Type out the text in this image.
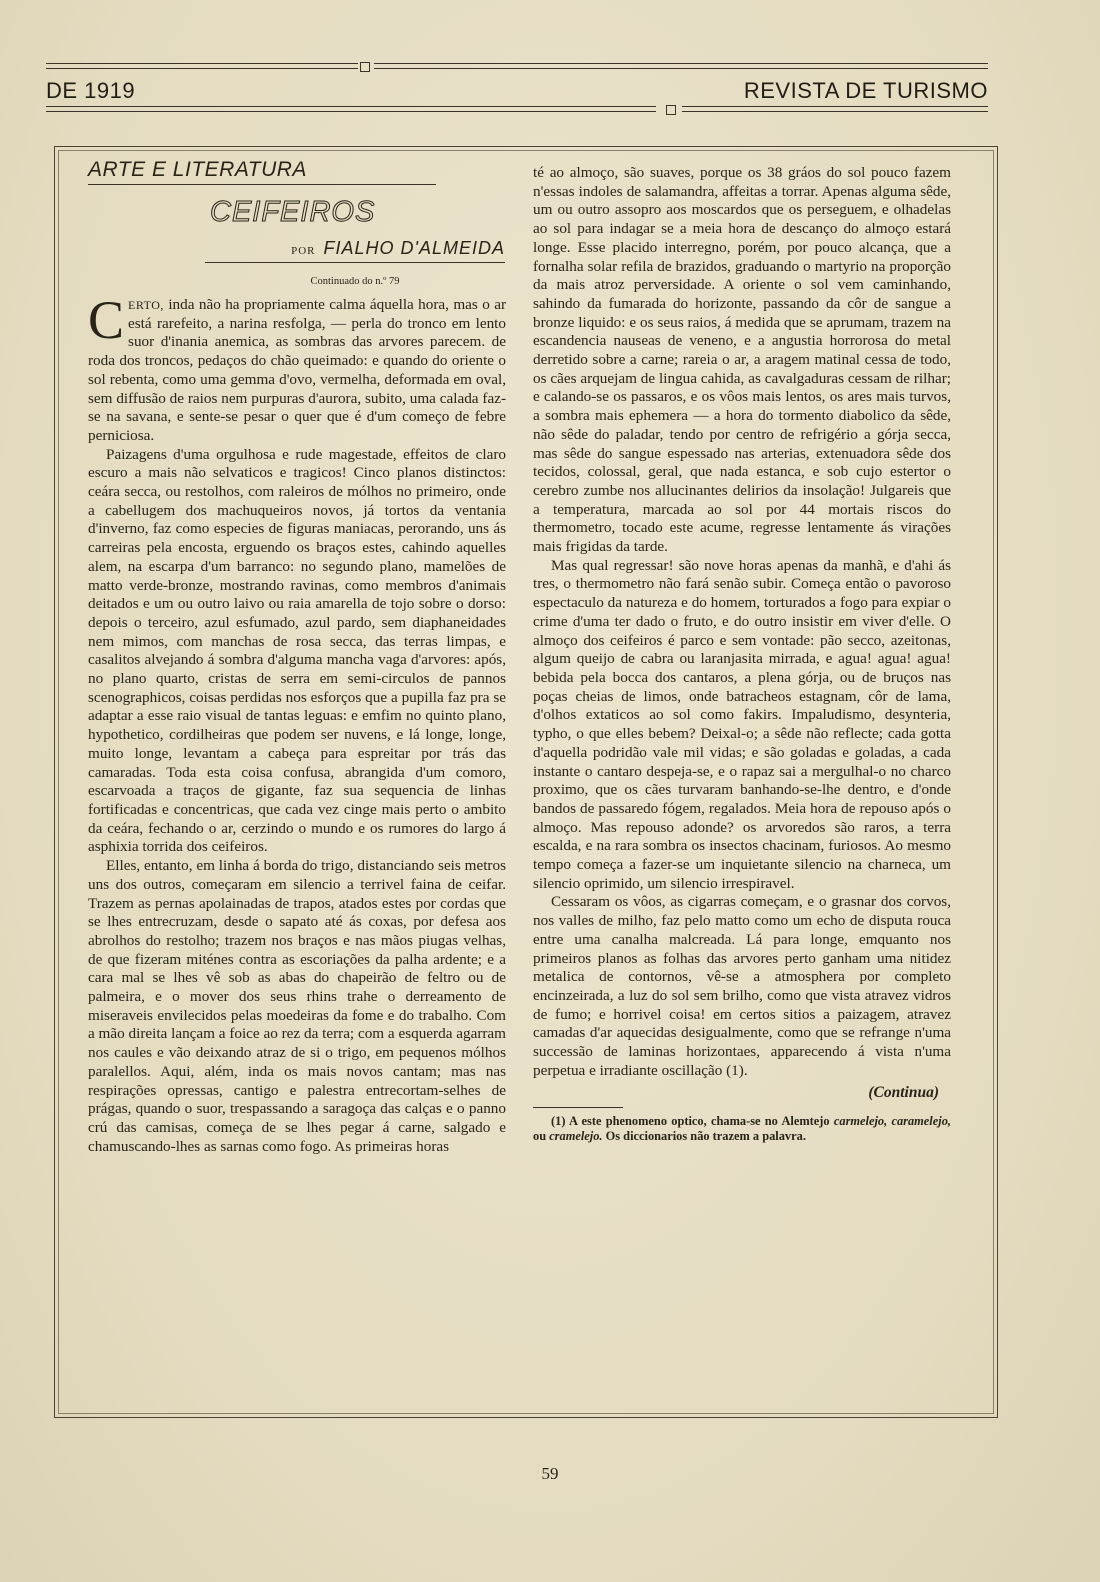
DE 1919	REVISTA DE TURISMO
ARTE E LITERATURA
CEIFEIROS
POR FIALHO D'ALMEIDA
Continuado do n.º 79

CERTO, inda não ha propriamente calma áquella hora, mas o ar está rarefeito, a narina resfolga, — perla do tronco em lento suor d'inania anemica, as sombras das arvores parecem. de roda dos troncos, pedaços do chão queimado: e quando do oriente o sol rebenta, como uma gemma d'ovo, vermelha, deformada em oval, sem diffusão de raios nem purpuras d'aurora, subito, uma calada faz-se na savana, e sente-se pesar o quer que é d'um começo de febre perniciosa.

Paizagens d'uma orgulhosa e rude magestade, effeitos de claro escuro a mais não selvaticos e tragicos! Cinco planos distinctos: ceára secca, ou restolhos, com raleiros de mólhos no primeiro, onde a cabellugem dos machuqueiros novos, já tortos da ventania d'inverno, faz como especies de figuras maniacas, perorando, uns ás carreiras pela encosta, erguendo os braços estes, cahindo aquelles alem, na escarpa d'um barranco: no segundo plano, mamelões de matto verde-bronze, mostrando ravinas, como membros d'animais deitados e um ou outro laivo ou raia amarella de tojo sobre o dorso: depois o terceiro, azul esfumado, azul pardo, sem diaphaneidades nem mimos, com manchas de rosa secca, das terras limpas, e casalitos alvejando á sombra d'alguma mancha vaga d'arvores: após, no plano quarto, cristas de serra em semi-circulos de pannos scenographicos, coisas perdidas nos esforços que a pupilla faz pra se adaptar a esse raio visual de tantas leguas: e emfim no quinto plano, hypothetico, cordilheiras que podem ser nuvens, e lá longe, longe, muito longe, levantam a cabeça para espreitar por trás das camaradas. Toda esta coisa confusa, abrangida d'um comoro, escarvoada a traços de gigante, faz sua sequencia de linhas fortificadas e concentricas, que cada vez cinge mais perto o ambito da ceára, fechando o ar, cerzindo o mundo e os rumores do largo á asphixia torrida dos ceifeiros.

Elles, entanto, em linha á borda do trigo, distanciando seis metros uns dos outros, começaram em silencio a terrivel faina de ceifar. Trazem as pernas apolainadas de trapos, atados estes por cordas que se lhes entrecruzam, desde o sapato até ás coxas, por defesa aos abrolhos do restolho; trazem nos braços e nas mãos piugas velhas, de que fizeram miténes contra as escoriações da palha ardente; e a cara mal se lhes vê sob as abas do chapeirão de feltro ou de palmeira, e o mover dos seus rhins trahe o derreamento de miseraveis envilecidos pelas moedeiras da fome e do trabalho. Com a mão direita lançam a foice ao rez da terra; com a esquerda agarram nos caules e vão deixando atraz de si o trigo, em pequenos mólhos paralellos. Aqui, além, inda os mais novos cantam; mas nas respirações opressas, cantigo e palestra entrecortam-selhes de prágas, quando o suor, trespassando a saragoça das calças e o panno crú das camisas, começa de se lhes pegar á carne, salgado e chamuscando-lhes as sarnas como fogo. As primeiras horas

té ao almoço, são suaves, porque os 38 gráos do sol pouco fazem n'essas indoles de salamandra, affeitas a torrar. Apenas alguma sêde, um ou outro assopro aos moscardos que os perseguem, e olhadelas ao sol para indagar se a meia hora de descanço do almoço estará longe. Esse placido interregno, porém, por pouco alcança, que a fornalha solar refila de brazidos, graduando o martyrio na proporção da mais atroz perversidade. A oriente o sol vem caminhando, sahindo da fumarada do horizonte, passando da côr de sangue a bronze liquido: e os seus raios, á medida que se aprumam, trazem na escandencia nauseas de veneno, e a angustia horrorosa do metal derretido sobre a carne; rareia o ar, a aragem matinal cessa de todo, os cães arquejam de lingua cahida, as cavalgaduras cessam de rilhar; e calando-se os passaros, e os vôos mais lentos, os ares mais turvos, a sombra mais ephemera — a hora do tormento diabolico da sêde, não sêde do paladar, tendo por centro de refrigério a górja secca, mas sêde do sangue espessado nas arterias, extenuadora sêde dos tecidos, colossal, geral, que nada estanca, e sob cujo estertor o cerebro zumbe nos allucinantes delirios da insolação! Julgareis que a temperatura, marcada ao sol por 44 mortais riscos do thermometro, tocado este acume, regresse lentamente ás virações mais frigidas da tarde.

Mas qual regressar! são nove horas apenas da manhã, e d'ahi ás tres, o thermometro não fará senão subir. Começa então o pavoroso espectaculo da natureza e do homem, torturados a fogo para expiar o crime d'uma ter dado o fruto, e do outro insistir em viver d'elle. O almoço dos ceifeiros é parco e sem vontade: pão secco, azeitonas, algum queijo de cabra ou laranjasita mirrada, e agua! agua! agua! bebida pela bocca dos cantaros, a plena górja, ou de bruços nas poças cheias de limos, onde batracheos estagnam, côr de lama, d'olhos extaticos ao sol como fakirs. Impaludismo, desynteria, typho, o que elles bebem? Deixal-o; a sêde não reflecte; cada gotta d'aquella podridão vale mil vidas; e são goladas e goladas, a cada instante o cantaro despeja-se, e o rapaz sai a mergulhal-o no charco proximo, que os cães turvaram banhando-se-lhe dentro, e d'onde bandos de passaredo fógem, regalados. Meia hora de repouso após o almoço. Mas repouso adonde? os arvoredos são raros, a terra escalda, e na rara sombra os insectos chacinam, furiosos. Ao mesmo tempo começa a fazer-se um inquietante silencio na charneca, um silencio oprimido, um silencio irrespiravel.

Cessaram os vôos, as cigarras começam, e o grasnar dos corvos, nos valles de milho, faz pelo matto como um echo de disputa rouca entre uma canalha malcreada. Lá para longe, emquanto nos primeiros planos as folhas das arvores perto ganham uma nitidez metalica de contornos, vê-se a atmosphera por completo encinzeirada, a luz do sol sem brilho, como que vista atravez vidros de fumo; e horrivel coisa! em certos sitios a paizagem, atravez camadas d'ar aquecidas desigualmente, como que se refrange n'uma successão de laminas horizontaes, apparecendo á vista n'uma perpetua e irradiante oscillação (1).

(Continua)
(1) A este phenomeno optico, chama-se no Alemtejo carmelejo, caramelejo, ou cramelejo. Os diccionarios não trazem a palavra.
59
